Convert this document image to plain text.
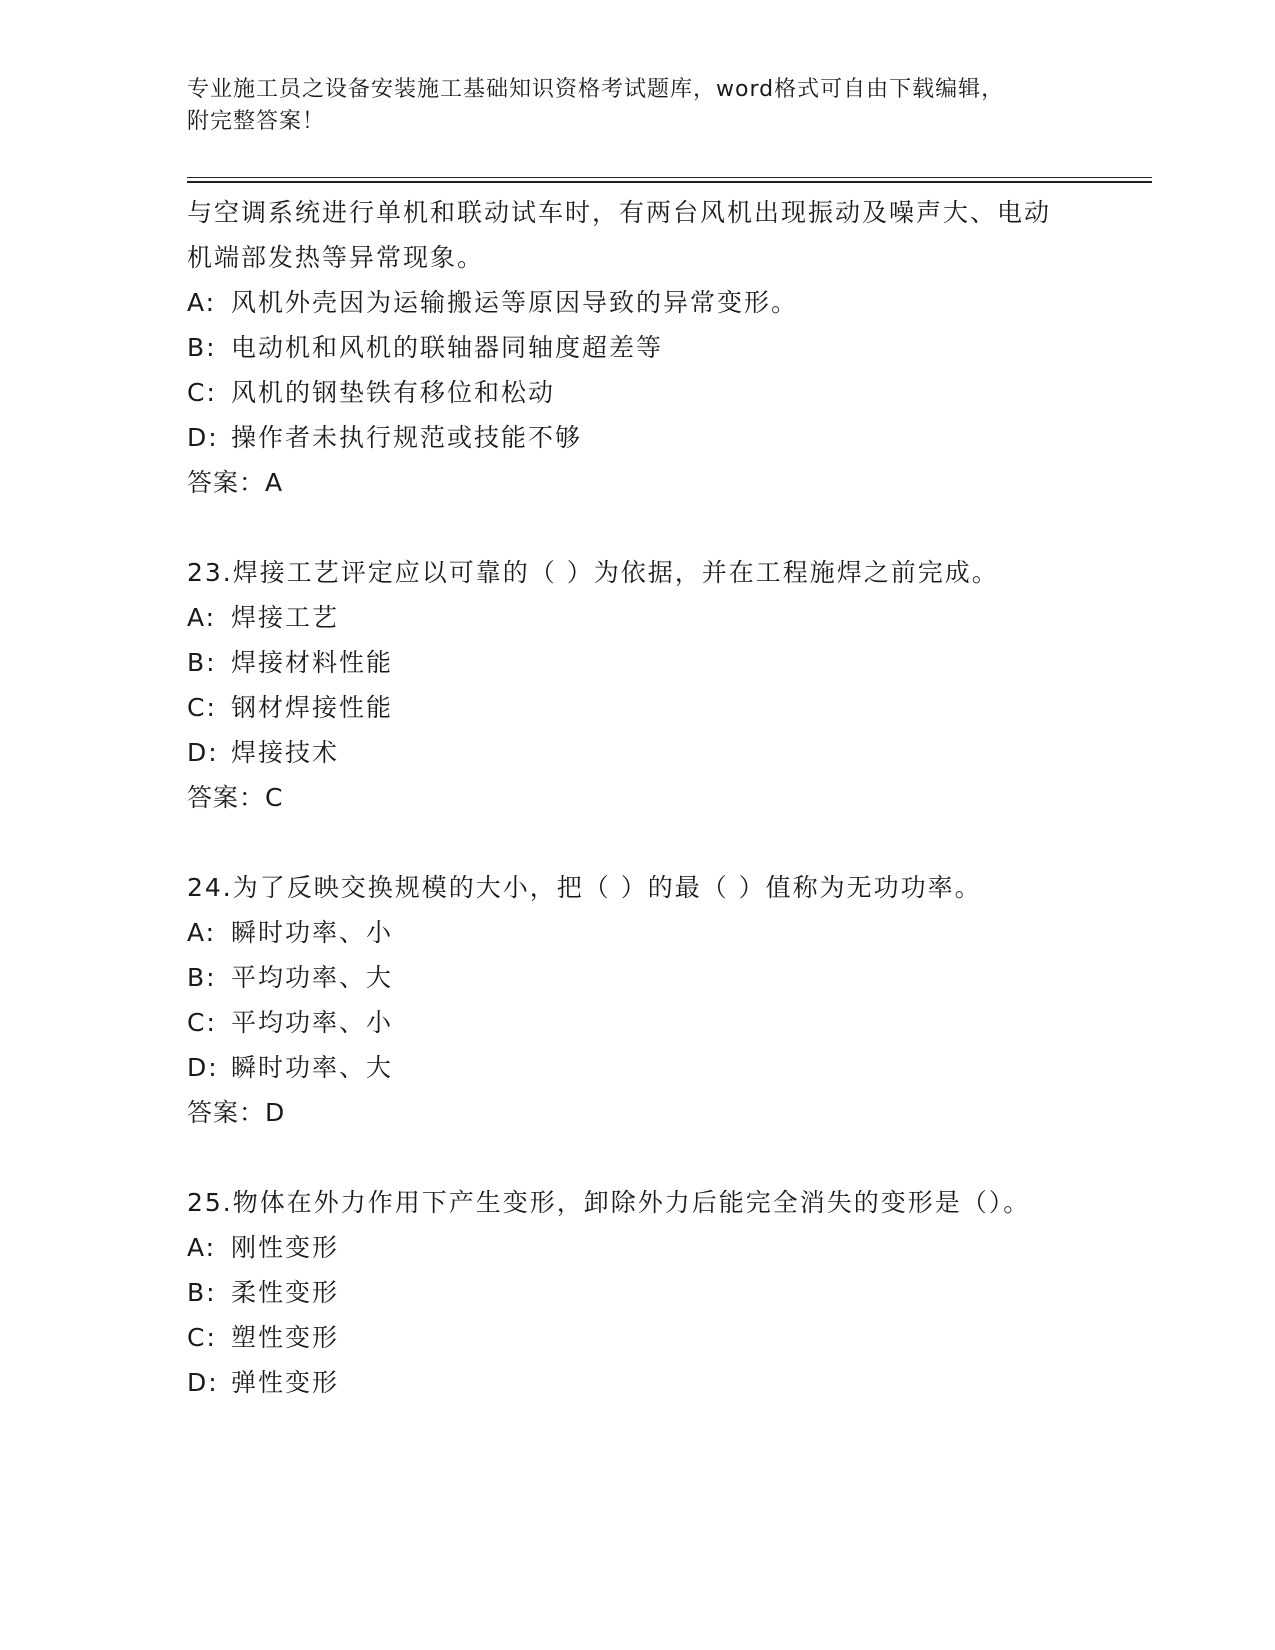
专业施工员之设备安装施工基础知识资格考试题库，word格式可自由下载编辑，
附完整答案！
与空调系统进行单机和联动试车时，有两台风机出现振动及噪声大、电动机端部发热等异常现象。
A: 风机外壳因为运输搬运等原因导致的异常变形。
B: 电动机和风机的联轴器同轴度超差等
C: 风机的钢垫铁有移位和松动
D: 操作者未执行规范或技能不够
答案：A
23.焊接工艺评定应以可靠的（ ）为依据，并在工程施焊之前完成。
A: 焊接工艺
B: 焊接材料性能
C: 钢材焊接性能
D: 焊接技术
答案：C
24.为了反映交换规模的大小，把（ ）的最（ ）值称为无功功率。
A: 瞬时功率、小
B: 平均功率、大
C: 平均功率、小
D: 瞬时功率、大
答案：D
25.物体在外力作用下产生变形，卸除外力后能完全消失的变形是（）。
A: 刚性变形
B: 柔性变形
C: 塑性变形
D: 弹性变形
